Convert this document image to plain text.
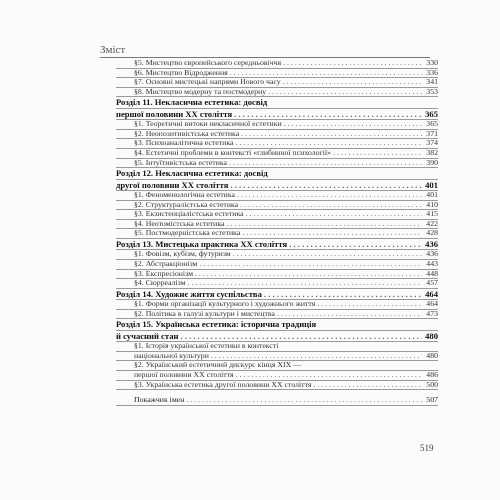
Зміст
§5. Мистецтво європейського середньовіччя . . .	330
§6. Мистецтво Відродження . . .	336
§7. Основні мистецькі напрями Нового часу . . .	341
§8. Мистецтво модерну та постмодерну . . .	353
Розділ 11. Некласична естетика: досвід
першої половини XX століття . . .	365
§1. Теоретичні витоки некласичної естетики . . .	365
§2. Неопозитивістська естетика . . .	371
§3. Психоаналітична естетика . . .	374
§4. Естетичні проблеми в контексті «глибинної психології» . . .	382
§5. Інтуїтивістська естетика . . .	390
Розділ 12. Некласична естетика: досвід
другої половини XX століття . . .	401
§1. Феноменологічна естетика . . .	401
§2. Структуралістська естетика . . .	410
§3. Екзистенціалістська естетика . . .	415
§4. Неотомістська естетика . . .	422
§5. Постмодерністська естетика . . .	428
Розділ 13. Мистецька практика XX століття . . .	436
§1. Фовізм, кубізм, футуризм . . .	436
§2. Абстракціонізм . . .	443
§3. Експресіонізм . . .	448
§4. Сюрреалізм . . .	457
Розділ 14. Художнє життя суспільства . . .	464
§1. Форми організації культурного і художнього життя . . .	464
§2. Політика в галузі культури і мистецтва . . .	473
Розділ 15. Українська естетика: історична традиція
й сучасний стан . . .	480
§1. Історія української естетики в контексті
національної культури . . .	480
§2. Український естетичний дискурс кінця XIX —
першої половини XX століття . . .	486
§3. Українська естетика другої половини XX століття . . .	500
Покажчик імен . . .	507
519
